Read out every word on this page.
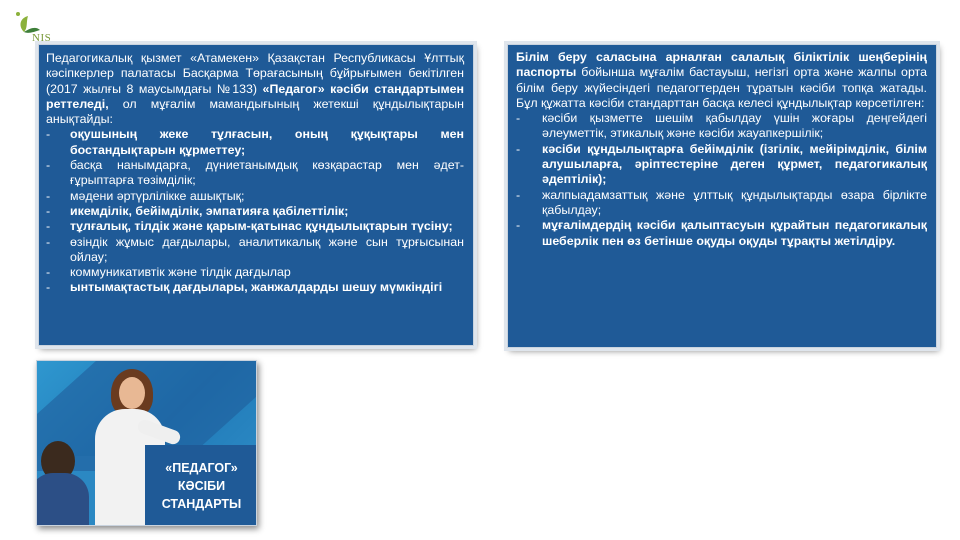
NIS

Педагогикалық қызмет «Атамекен» Қазақстан Республикасы Ұлттық кәсіпкерлер палатасы Басқарма Төрағасының бұйрығымен бекітілген (2017 жылғы 8 маусымдағы №133) «Педагог» кәсіби стандартымен реттеледі, ол мұғалім мамандығының жетекші құндылықтарын анықтайды:

-	оқушының жеке тұлғасын, оның құқықтары мен бостандықтарын құрметтеу;
-	басқа нанымдарға, дүниетанымдық көзқарастар мен әдет-ғұрыптарға төзімділік;
-	мәдени әртүрлілікке ашықтық;
-	икемділік, бейімділік, эмпатияға қабілеттілік;
-	тұлғалық, тілдік және қарым-қатынас құндылықтарын түсіну;
-	өзіндік жұмыс дағдылары, аналитикалық және сын тұрғысынан ойлау;
-	коммуникативтік және тілдік дағдылар
-	ынтымақтастық дағдылары, жанжалдарды шешу мүмкіндігі

Білім беру саласына арналған салалық біліктілік шеңберінің паспорты бойынша мұғалім бастауыш, негізгі орта және жалпы орта білім беру жүйесіндегі педагогтерден тұратын кәсіби топқа жатады. Бұл құжатта кәсіби стандарттан басқа келесі құндылықтар көрсетілген:

-	кәсіби қызметте шешім қабылдау үшін жоғары деңгейдегі әлеуметтік, этикалық және кәсіби жауапкершілік;
-	кәсіби құндылықтарға бейімділік (ізгілік, мейірімділік, білім алушыларға, әріптестеріне деген құрмет, педагогикалық әдептілік);
-	жалпыадамзаттық және ұлттық құндылықтарды өзара бірлікте қабылдау;
-	мұғалімдердің кәсіби қалыптасуын құрайтын педагогикалық шеберлік пен өз бетінше оқуды оқуды тұрақты жетілдіру.
«ПЕДАГОГ»
КӘСІБИ
СТАНДАРТЫ
